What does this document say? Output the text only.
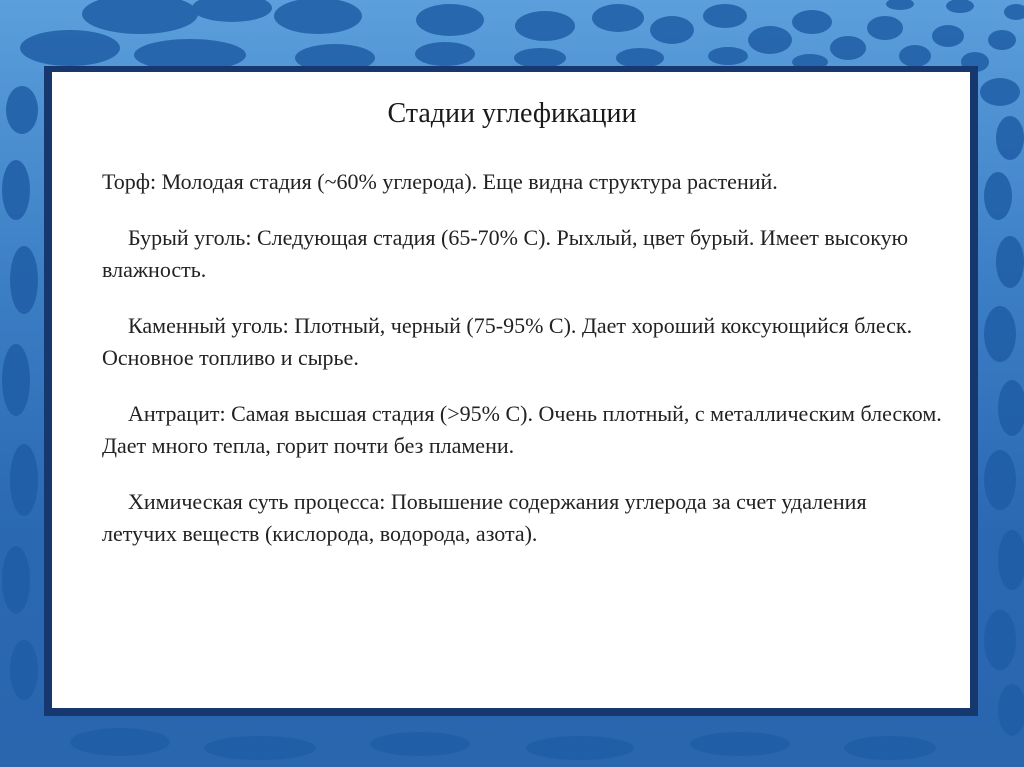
Стадии углефикации

Торф: Молодая стадия (~60% углерода). Еще видна структура растений.

Бурый уголь: Следующая стадия (65-70% С). Рыхлый, цвет бурый. Имеет высокую влажность.

Каменный уголь: Плотный, черный (75-95% С). Дает хороший коксующийся блеск. Основное топливо и сырье.

Антрацит: Самая высшая стадия (>95% С). Очень плотный, с металлическим блеском. Дает много тепла, горит почти без пламени.

Химическая суть процесса: Повышение содержания углерода за счет удаления летучих веществ (кислорода, водорода, азота).
